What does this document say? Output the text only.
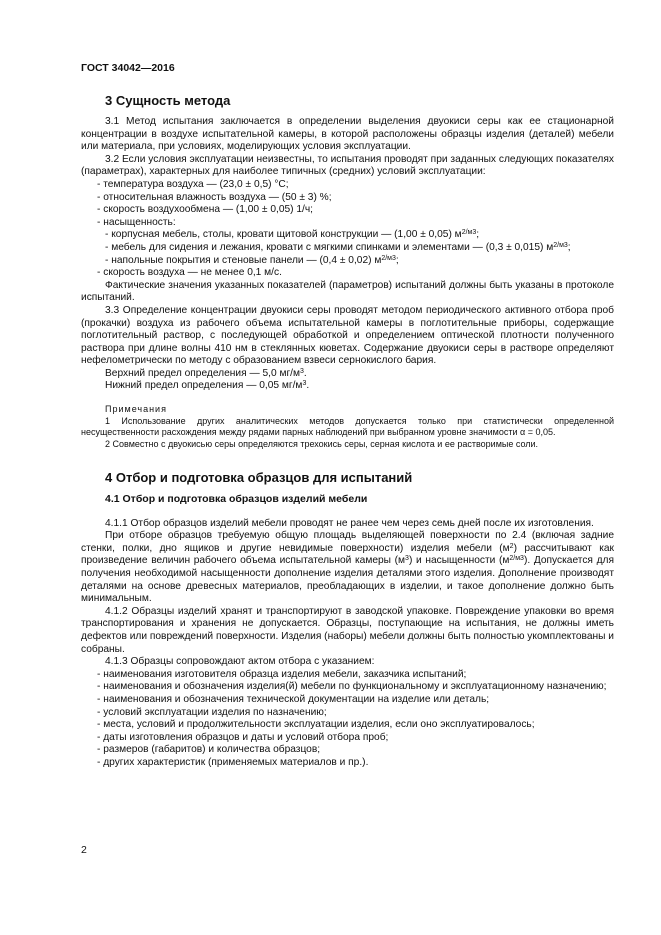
ГОСТ 34042—2016
3 Сущность метода

3.1 Метод испытания заключается в определении выделения двуокиси серы как ее стационарной концентрации в воздухе испытательной камеры, в которой расположены образцы изделия (деталей) мебели или материала, при условиях, моделирующих условия эксплуатации.

3.2 Если условия эксплуатации неизвестны, то испытания проводят при заданных следующих показателях (параметрах), характерных для наиболее типичных (средних) условий эксплуатации:

- температура воздуха — (23,0 ± 0,5) °С;

- относительная влажность воздуха — (50 ± 3) %;

- скорость воздухообмена — (1,00 ± 0,05) 1/ч;

- насыщенность:

- корпусная мебель, столы, кровати щитовой конструкции — (1,00 ± 0,05) $м^{2/м3}$;

- мебель для сидения и лежания, кровати с мягкими спинками и элементами — (0,3 ± 0,015) $м^{2/м3}$;

- напольные покрытия и стеновые панели — (0,4 ± 0,02) $м^{2/м3}$;

- скорость воздуха — не менее 0,1 м/с.

Фактические значения указанных показателей (параметров) испытаний должны быть указаны в протоколе испытаний.

3.3 Определение концентрации двуокиси серы проводят методом периодического активного отбора проб (прокачки) воздуха из рабочего объема испытательной камеры в поглотительные приборы, содержащие поглотительный раствор, с последующей обработкой и определением оптической плотности полученного раствора при длине волны 410 нм в стеклянных кюветах. Содержание двуокиси серы в растворе определяют нефелометрически по методу с образованием взвеси сернокислого бария.

Верхний предел определения — 5,0 $мг/м^3$.

Нижний предел определения — 0,05 $мг/м^3$.

Примечания

1 Использование других аналитических методов допускается только при статистически определенной несущественности расхождения между рядами парных наблюдений при выбранном уровне значимости α = 0,05.

2 Совместно с двуокисью серы определяются трехокись серы, серная кислота и ее растворимые соли.

4 Отбор и подготовка образцов для испытаний
4.1 Отбор и подготовка образцов изделий мебели

4.1.1 Отбор образцов изделий мебели проводят не ранее чем через семь дней после их изготовления.

При отборе образцов требуемую общую площадь выделяющей поверхности по 2.4 (включая задние стенки, полки, дно ящиков и другие невидимые поверхности) изделия мебели $(м^2)$ рассчитывают как произведение величин рабочего объема испытательной камеры $(м^3)$ и насыщенности $(м^{2/м3})$. Допускается для получения необходимой насыщенности дополнение изделия деталями этого изделия. Дополнение производят деталями на основе древесных материалов, преобладающих в изделии, и такое дополнение должно быть минимальным.

4.1.2 Образцы изделий хранят и транспортируют в заводской упаковке. Повреждение упаковки во время транспортирования и хранения не допускается. Образцы, поступающие на испытания, не должны иметь дефектов или повреждений поверхности. Изделия (наборы) мебели должны быть полностью укомплектованы и собраны.

4.1.3 Образцы сопровождают актом отбора с указанием:

- наименования изготовителя образца изделия мебели, заказчика испытаний;

- наименования и обозначения изделия(й) мебели по функциональному и эксплуатационному назначению;

- наименования и обозначения технической документации на изделие или деталь;

- условий эксплуатации изделия по назначению;

- места, условий и продолжительности эксплуатации изделия, если оно эксплуатировалось;

- даты изготовления образцов и даты и условий отбора проб;

- размеров (габаритов) и количества образцов;

- других характеристик (применяемых материалов и пр.).

2
